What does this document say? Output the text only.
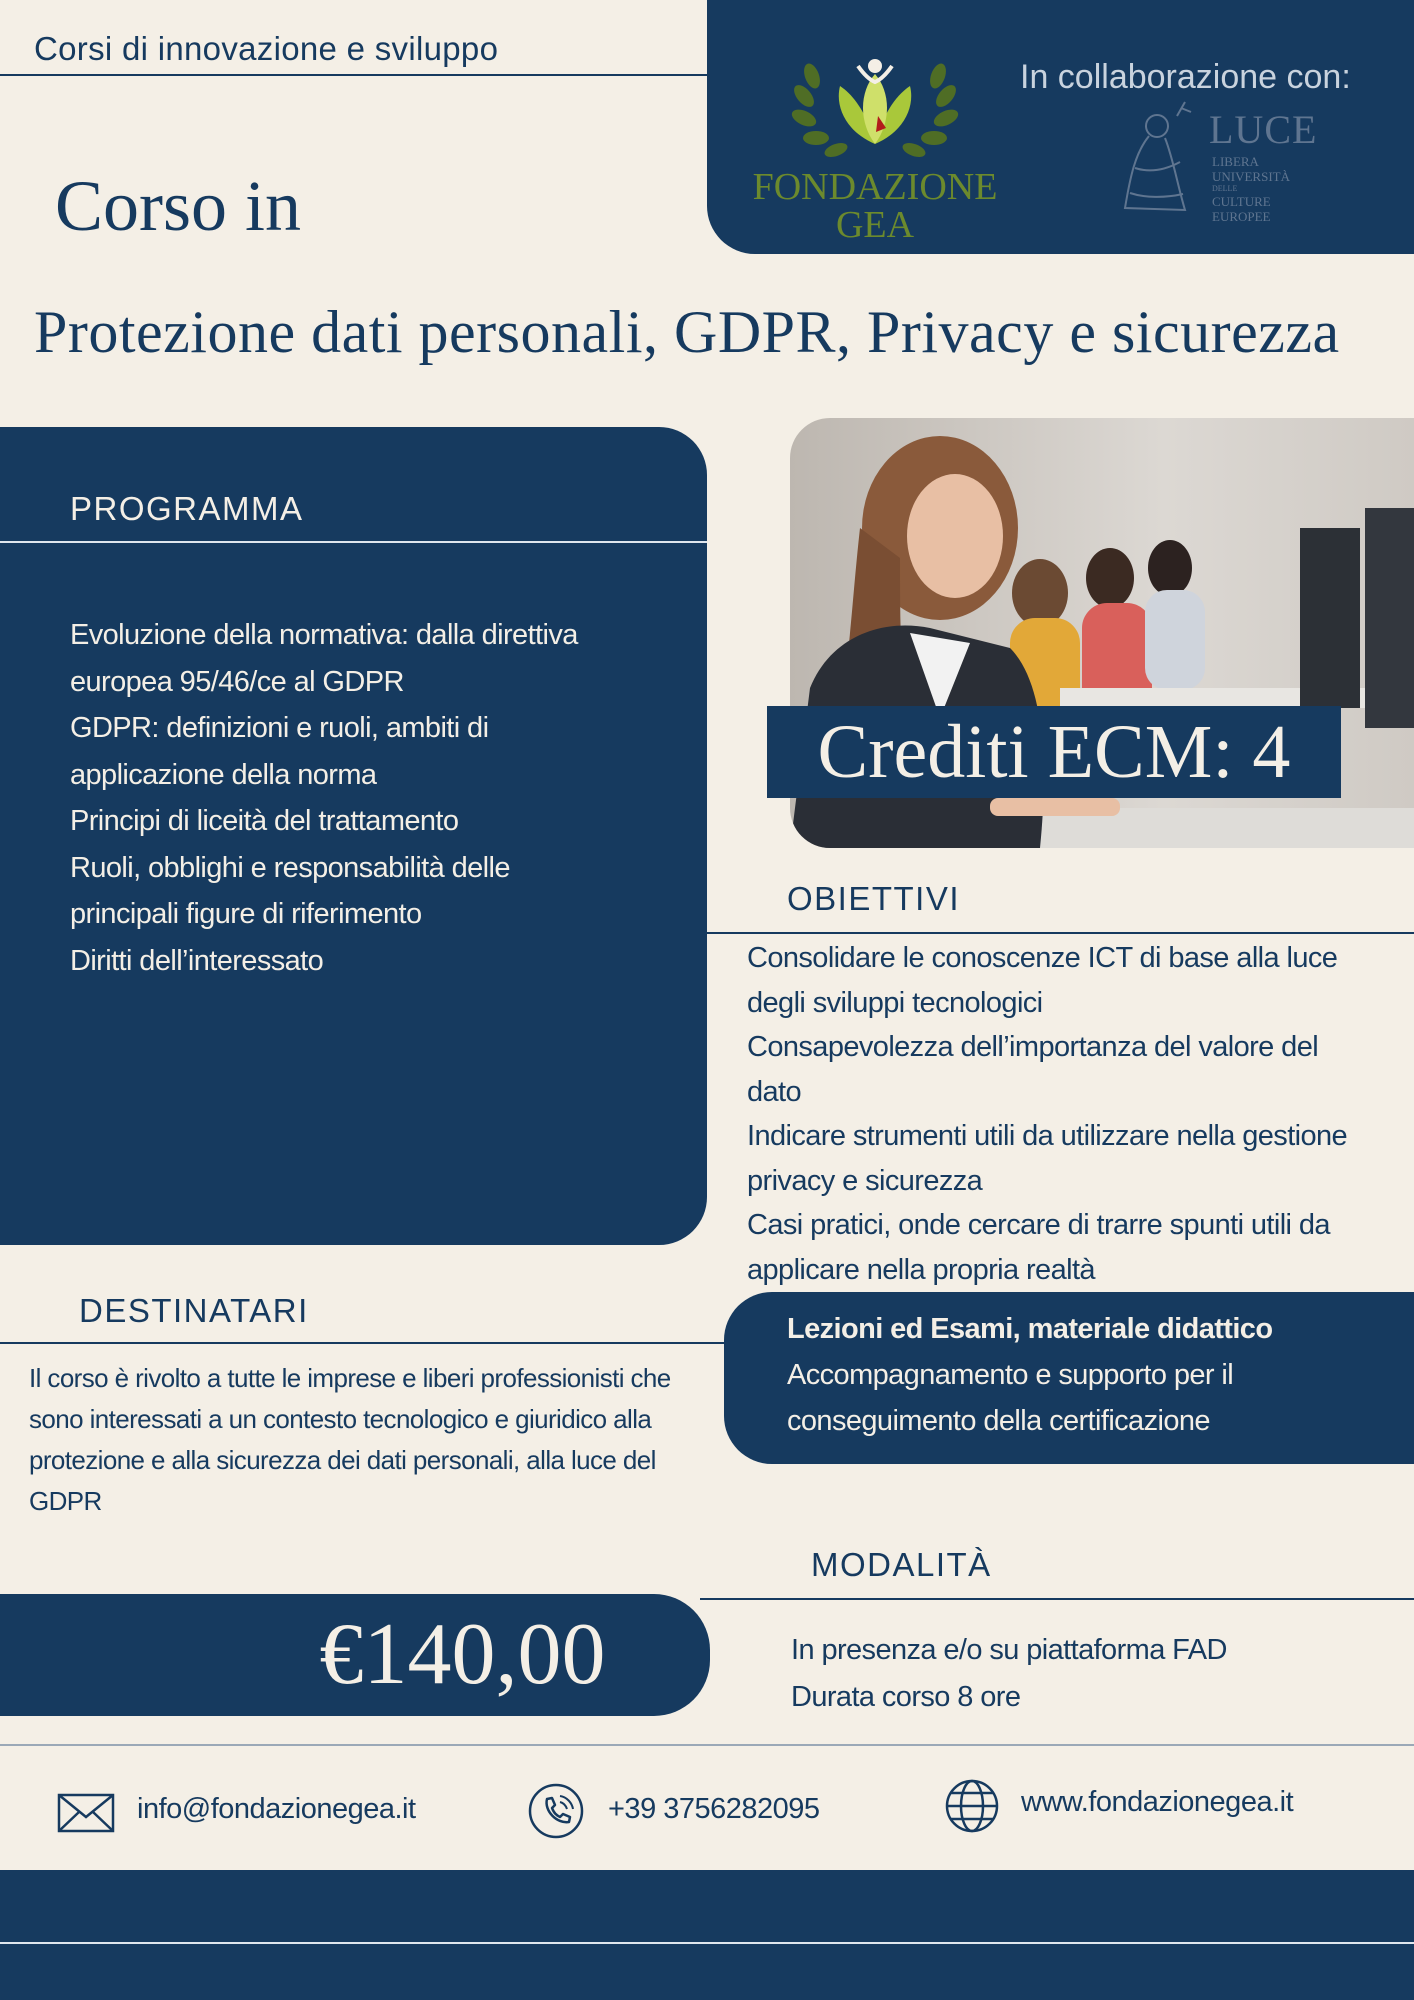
Corsi di innovazione e sviluppo
FONDAZIONE
GEA
In collaborazione con:
LUCE
LIBERA
UNIVERSITÀ
DELLE
CULTURE
EUROPEE
Corso in
Protezione dati personali, GDPR, Privacy e sicurezza
PROGRAMMA
Evoluzione della normativa: dalla direttiva
europea 95/46/ce al GDPR
GDPR: definizioni e ruoli, ambiti di
applicazione della norma
Principi di liceità del trattamento
Ruoli, obblighi e responsabilità delle
principali figure di riferimento
Diritti dell’interessato
Crediti ECM: 4
OBIETTIVI
Consolidare le conoscenze ICT di base alla luce
degli sviluppi tecnologici
Consapevolezza dell’importanza del valore del
dato
Indicare strumenti utili da utilizzare nella gestione
privacy e sicurezza
Casi pratici, onde cercare di trarre spunti utili da
applicare nella propria realtà
Lezioni ed Esami, materiale didattico
Accompagnamento e supporto per il
conseguimento della certificazione
DESTINATARI
Il corso è rivolto a tutte le imprese e liberi professionisti che
sono interessati a un contesto tecnologico e giuridico alla
protezione e alla sicurezza dei dati personali, alla luce del
GDPR
MODALITÀ
In presenza e/o su piattaforma FAD
Durata corso 8 ore
€140,00
info@fondazionegea.it	+39 3756282095	www.fondazionegea.it
